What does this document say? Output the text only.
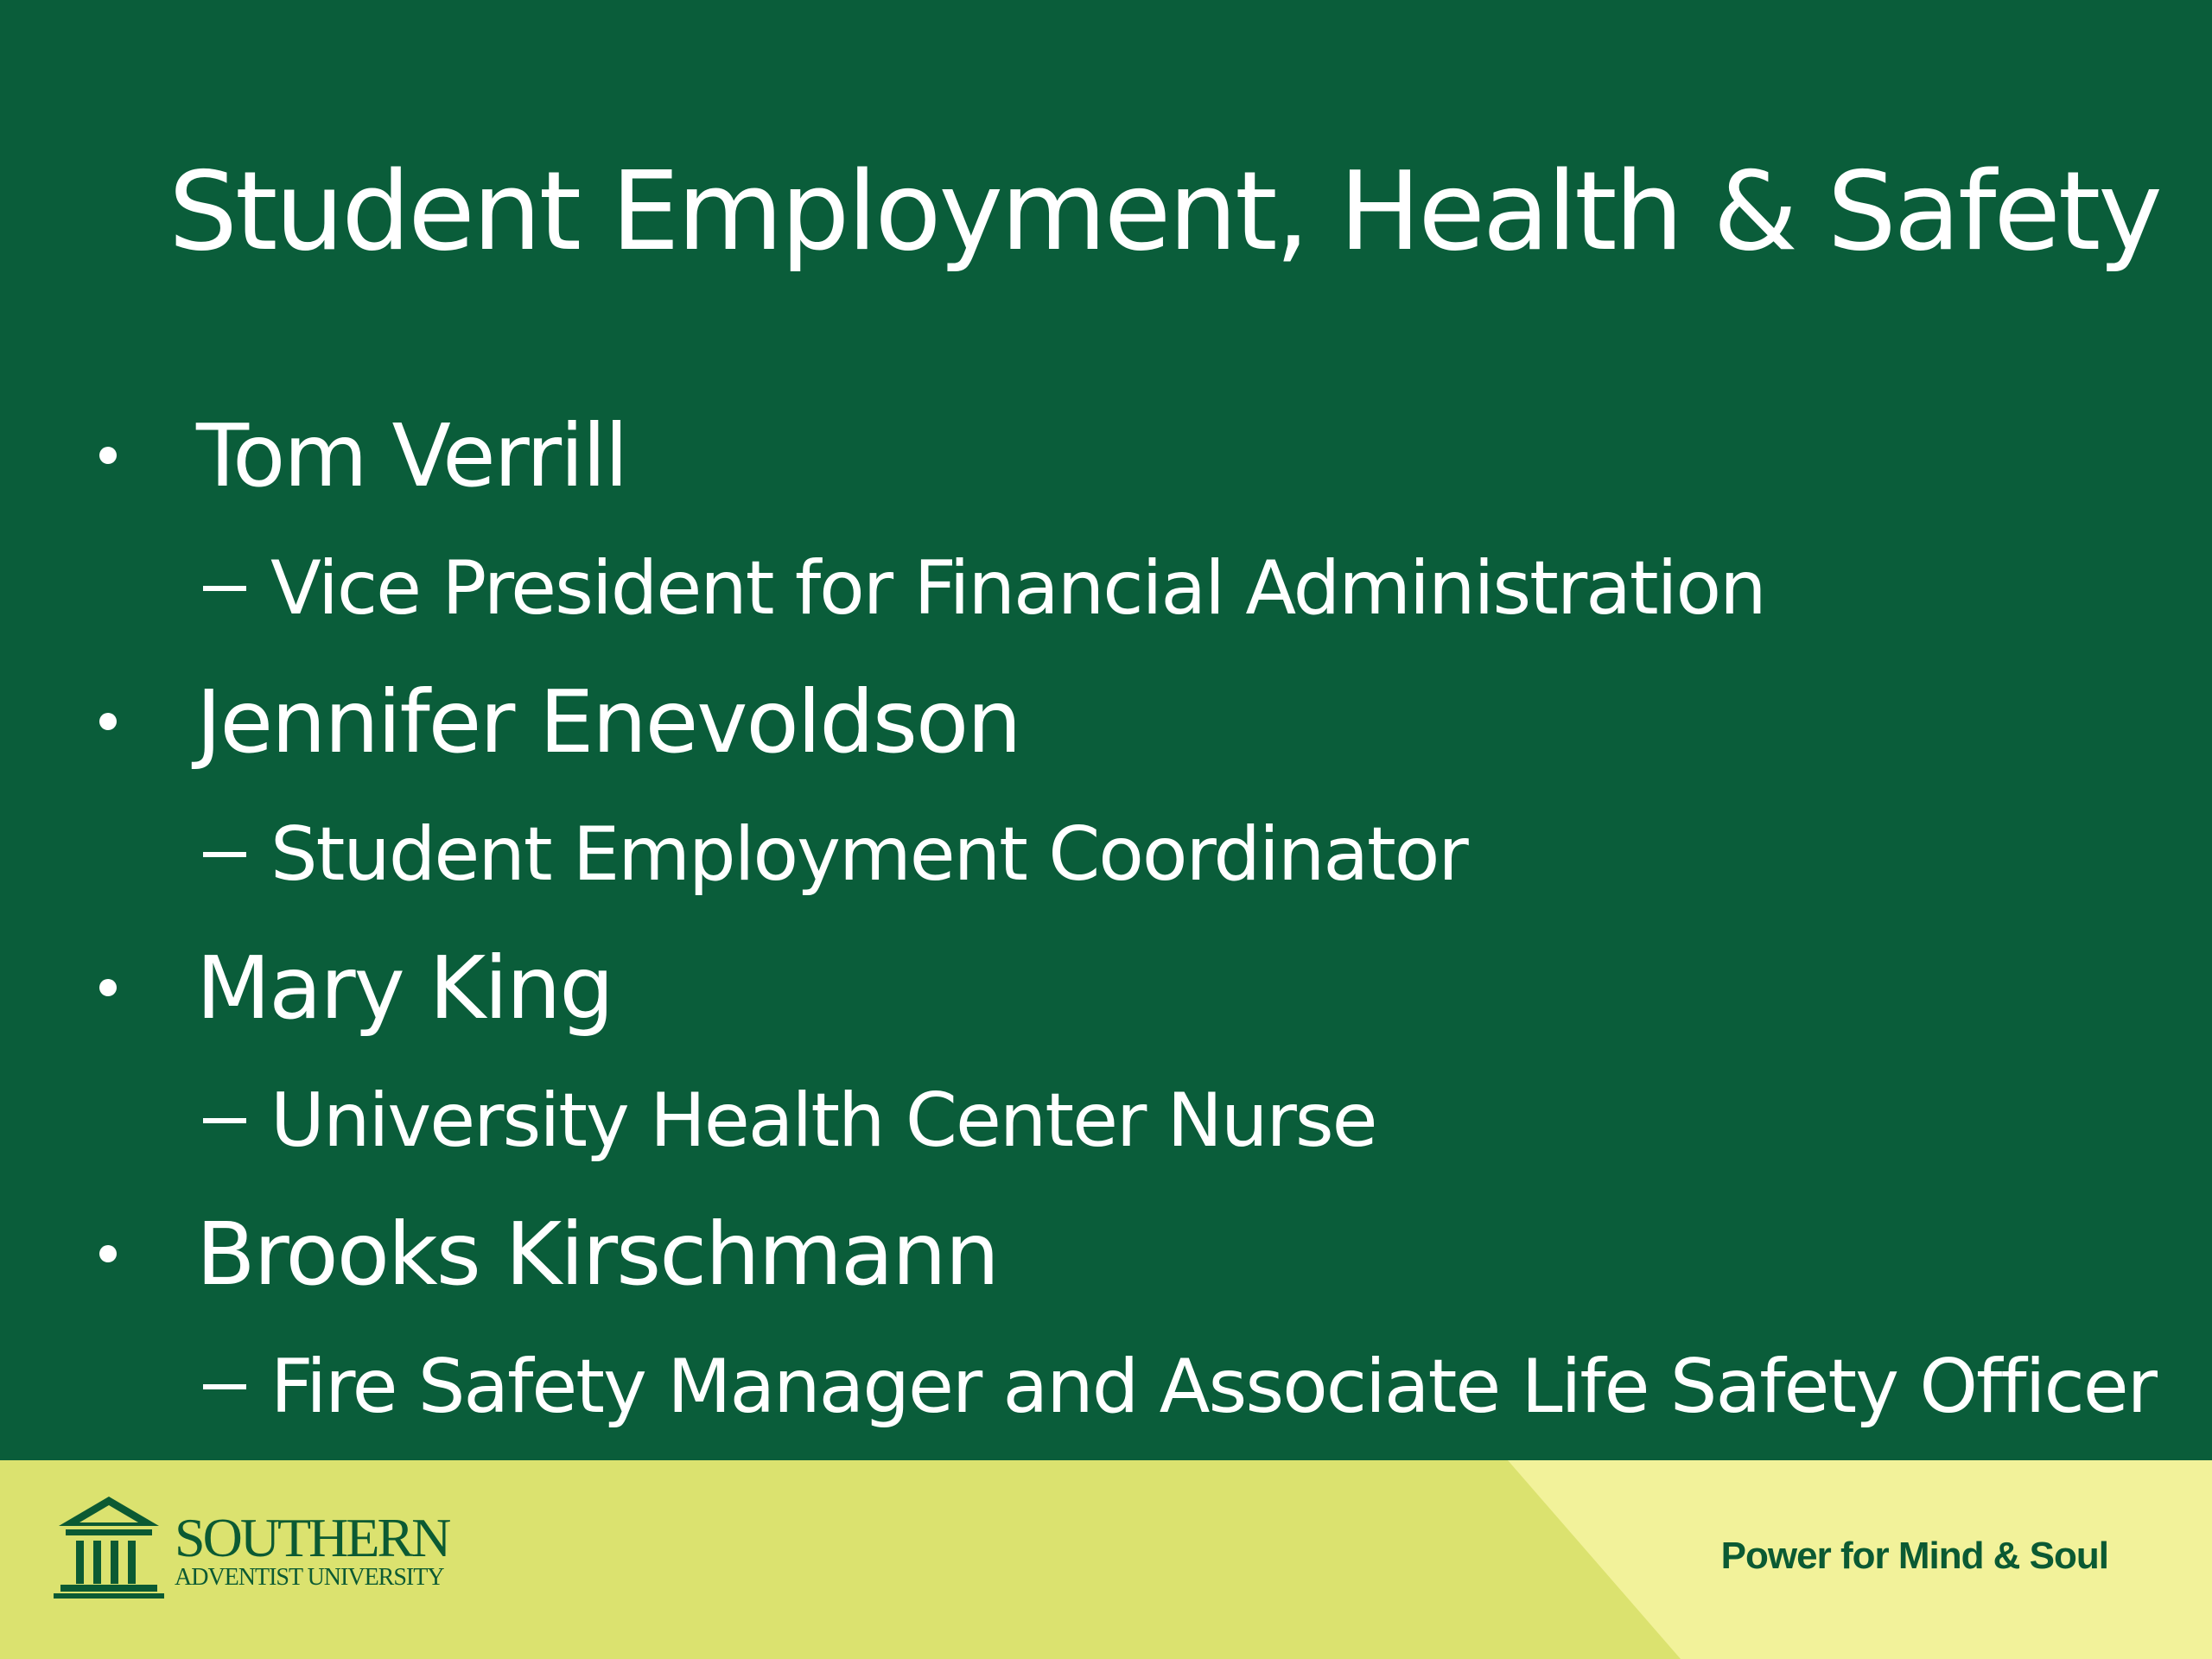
Student Employment, Health & Safety
Tom Verrill
Vice President for Financial Administration
Jennifer Enevoldson
Student Employment Coordinator
Mary King
University Health Center Nurse
Brooks Kirschmann
Fire Safety Manager and Associate Life Safety Officer
SOUTHERN
ADVENTIST UNIVERSITY
Power for Mind & Soul
